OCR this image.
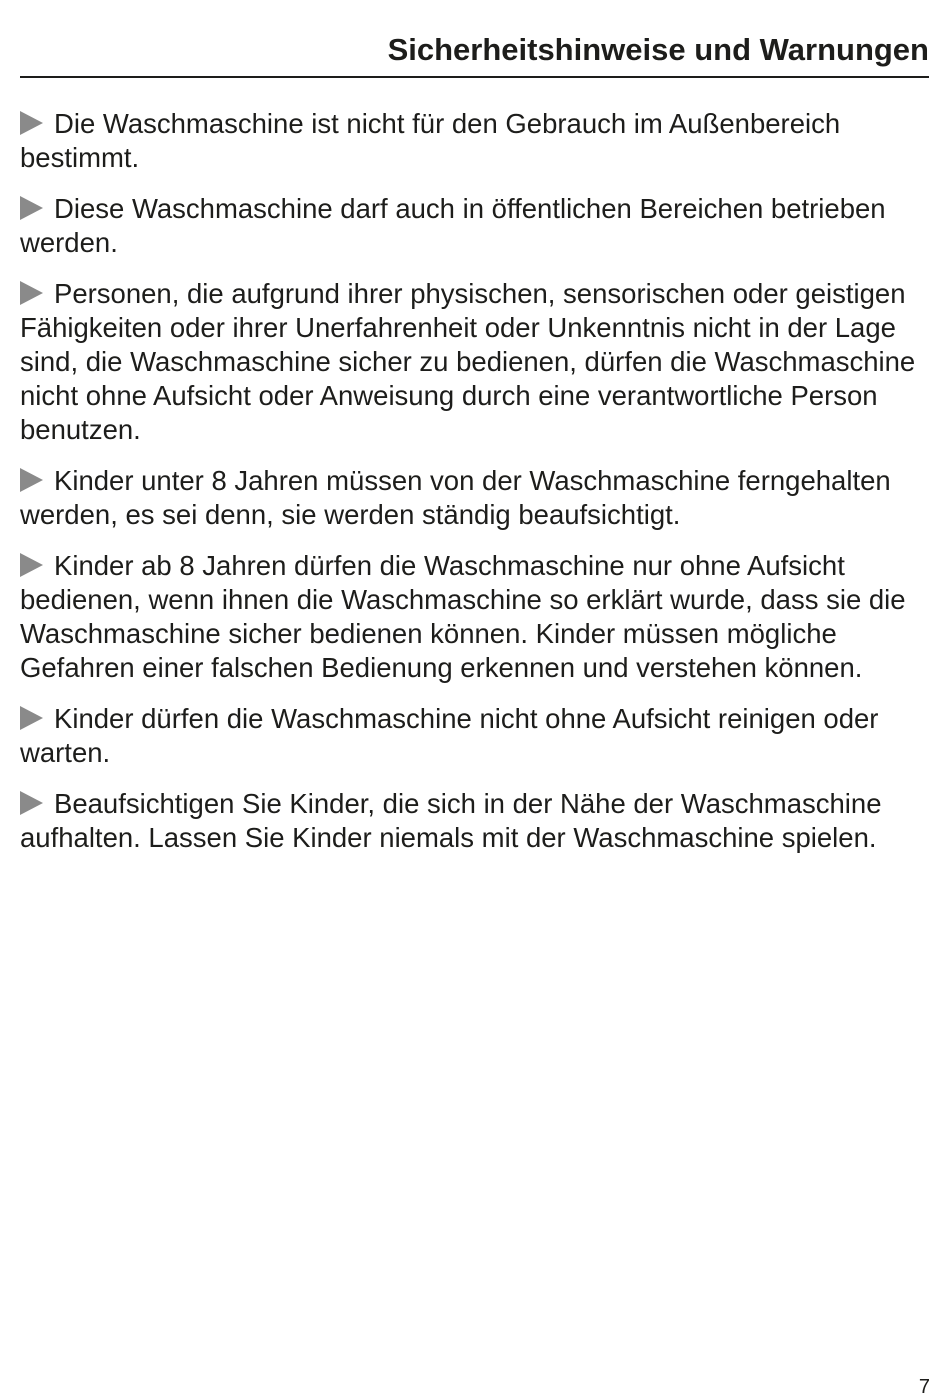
Sicherheitshinweise und Warnungen

Die Waschmaschine ist nicht für den Gebrauch im Außenbereich bestimmt.

Diese Waschmaschine darf auch in öffentlichen Bereichen betrieben werden.

Personen, die aufgrund ihrer physischen, sensorischen oder geistigen Fähigkeiten oder ihrer Unerfahrenheit oder Unkenntnis nicht in der Lage sind, die Waschmaschine sicher zu bedienen, dürfen die Waschmaschine nicht ohne Aufsicht oder Anweisung durch eine verantwortliche Person benutzen.

Kinder unter 8 Jahren müssen von der Waschmaschine ferngehalten werden, es sei denn, sie werden ständig beaufsichtigt.

Kinder ab 8 Jahren dürfen die Waschmaschine nur ohne Aufsicht bedienen, wenn ihnen die Waschmaschine so erklärt wurde, dass sie die Waschmaschine sicher bedienen können. Kinder müssen mögliche Gefahren einer falschen Bedienung erkennen und verstehen können.

Kinder dürfen die Waschmaschine nicht ohne Aufsicht reinigen oder warten.

Beaufsichtigen Sie Kinder, die sich in der Nähe der Waschmaschine aufhalten. Lassen Sie Kinder niemals mit der Waschmaschine spielen.

7
